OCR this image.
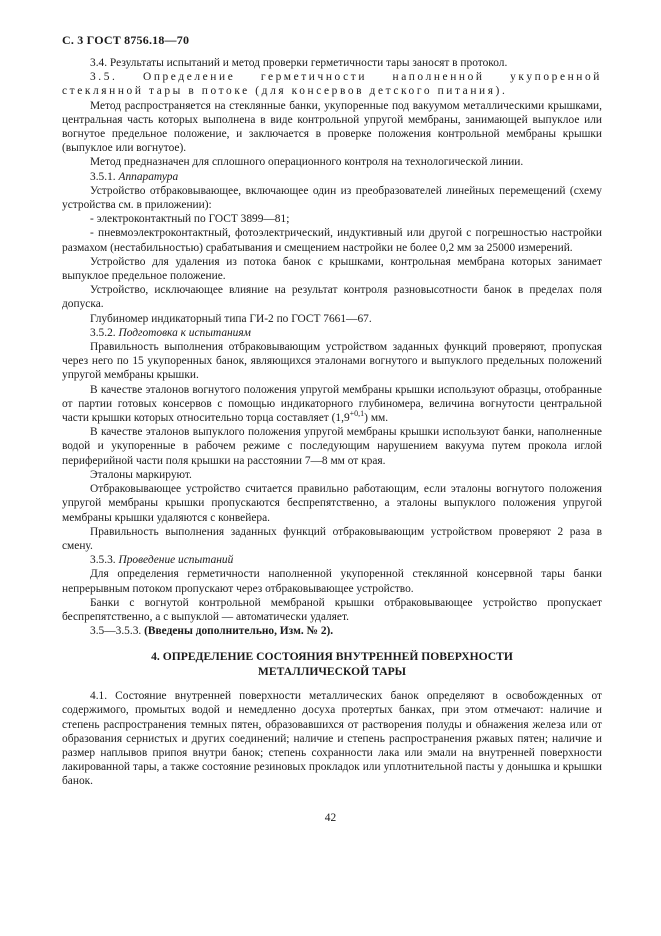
С. 3 ГОСТ 8756.18—70

3.4. Результаты испытаний и метод проверки герметичности тары заносят в протокол.

3.5. Определение герметичности наполненной укупоренной стеклянной тары в потоке (для консервов детского питания).

Метод распространяется на стеклянные банки, укупоренные под вакуумом металлическими крышками, центральная часть которых выполнена в виде контрольной упругой мембраны, занимающей выпуклое или вогнутое предельное положение, и заключается в проверке положения контрольной мембраны крышки (выпуклое или вогнутое).

Метод предназначен для сплошного операционного контроля на технологической линии.

3.5.1. Аппаратура

Устройство отбраковывающее, включающее один из преобразователей линейных перемещений (схему устройства см. в приложении):

- электроконтактный по ГОСТ 3899—81;

- пневмоэлектроконтактный, фотоэлектрический, индуктивный или другой с погрешностью настройки размахом (нестабильностью) срабатывания и смещением настройки не более 0,2 мм за 25000 измерений.

Устройство для удаления из потока банок с крышками, контрольная мембрана которых занимает выпуклое предельное положение.

Устройство, исключающее влияние на результат контроля разновысотности банок в пределах поля допуска.

Глубиномер индикаторный типа ГИ-2 по ГОСТ 7661—67.

3.5.2. Подготовка к испытаниям

Правильность выполнения отбраковывающим устройством заданных функций проверяют, пропуская через него по 15 укупоренных банок, являющихся эталонами вогнутого и выпуклого предельных положений упругой мембраны крышки.

В качестве эталонов вогнутого положения упругой мембраны крышки используют образцы, отобранные от партии готовых консервов с помощью индикаторного глубиномера, величина вогнутости центральной части крышки которых относительно торца составляет $(1,9^{+0,1})$ мм.

В качестве эталонов выпуклого положения упругой мембраны крышки используют банки, наполненные водой и укупоренные в рабочем режиме с последующим нарушением вакуума путем прокола иглой периферийной части поля крышки на расстоянии 7—8 мм от края.

Эталоны маркируют.

Отбраковывающее устройство считается правильно работающим, если эталоны вогнутого положения упругой мембраны крышки пропускаются беспрепятственно, а эталоны выпуклого положения упругой мембраны крышки удаляются с конвейера.

Правильность выполнения заданных функций отбраковывающим устройством проверяют 2 раза в смену.

3.5.3. Проведение испытаний

Для определения герметичности наполненной укупоренной стеклянной консервной тары банки непрерывным потоком пропускают через отбраковывающее устройство.

Банки с вогнутой контрольной мембраной крышки отбраковывающее устройство пропускает беспрепятственно, а с выпуклой — автоматически удаляет.

3.5—3.5.3. (Введены дополнительно, Изм. № 2).

4. ОПРЕДЕЛЕНИЕ СОСТОЯНИЯ ВНУТРЕННЕЙ ПОВЕРХНОСТИ
МЕТАЛЛИЧЕСКОЙ ТАРЫ

4.1. Состояние внутренней поверхности металлических банок определяют в освобожденных от содержимого, промытых водой и немедленно досуха протертых банках, при этом отмечают: наличие и степень распространения темных пятен, образовавшихся от растворения полуды и обнажения железа или от образования сернистых и других соединений; наличие и степень распространения ржавых пятен; наличие и размер наплывов припоя внутри банок; степень сохранности лака или эмали на внутренней поверхности лакированной тары, а также состояние резиновых прокладок или уплотнительной пасты у донышка и крышки банок.

42
